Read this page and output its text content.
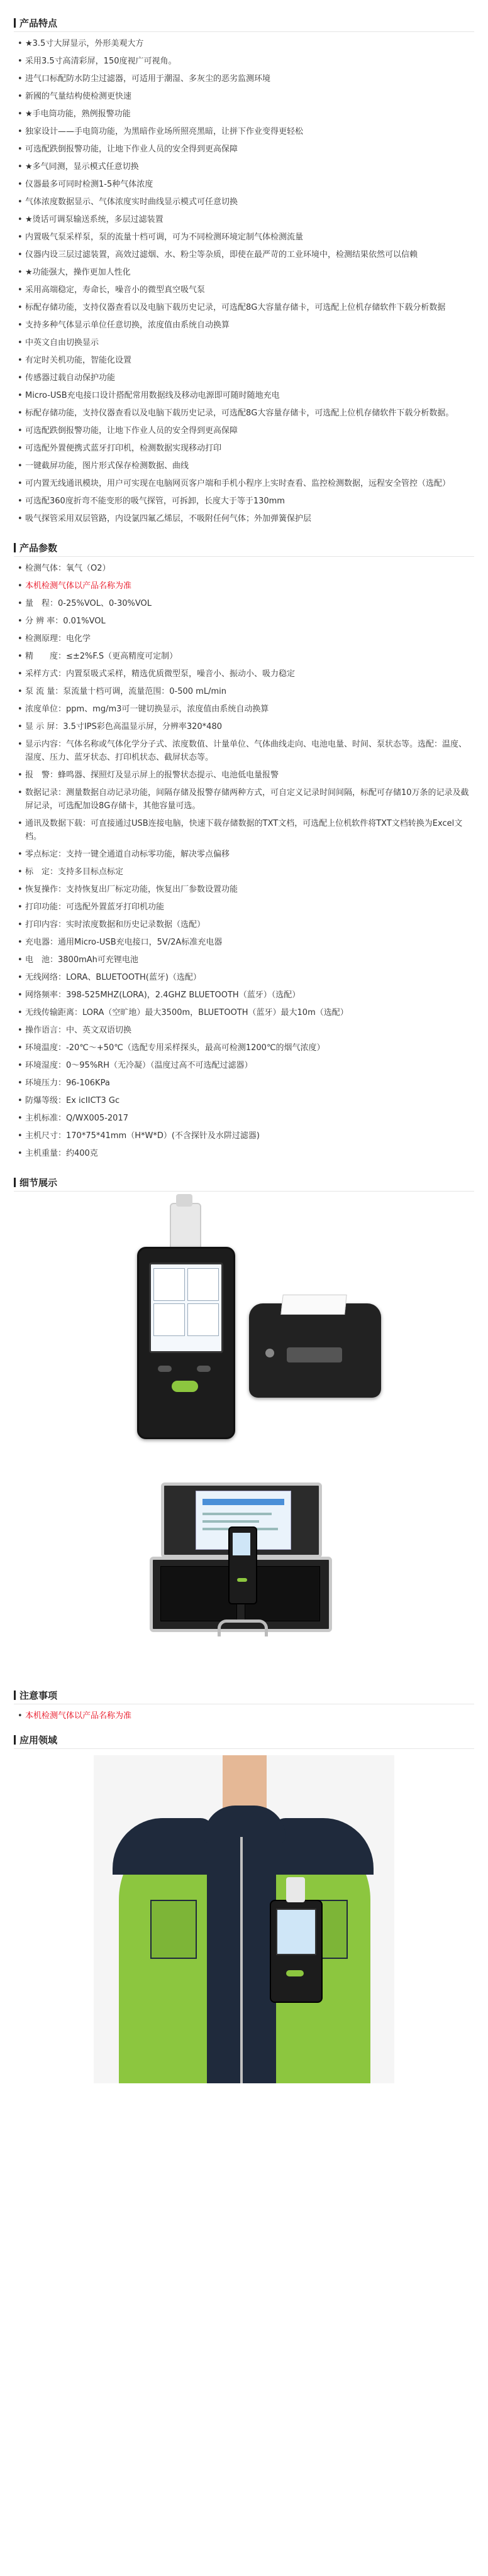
产品特点
• ★3.5寸大屏显示，外形美观大方
• 采用3.5寸高清彩屏，150度视广可视角。
• 进气口标配防水防尘过滤器，可适用于潮湿、多灰尘的恶劣监测环境
• 新國的气量结构使检测更快速
• ★手电筒功能，熟例报警功能
• 独家设计——手电筒功能，为黑暗作业场所照亮黑暗，让拼下作业变得更轻松
• 可选配跌倒报警功能，让地下作业人员的安全得到更高保障
• ★多气同测，显示模式任意切换
• 仪器最多可同时检测1-5种气体浓度
• 气体浓度数据显示、气体浓度实时曲线显示模式可任意切换
• ★烫话可调泵输送系统，多层过滤装置
• 内置吸气泵采样泵，泵的流量十档可调，可为不同检测环境定制气体检测流量
• 仪器内设三层过滤装置，高效过滤烟、水、粉尘等杂质，即使在最严苛的工业环境中，检测结果依然可以信赖
• ★功能强大，操作更加人性化
• 采用高端稳定，寿命长，噪音小的微型真空吸气泵
• 标配存储功能，支持仪器查看以及电脑下载历史记录，可选配8G大容量存储卡，可选配上位机存储软件下载分析数据
• 支持多种气体显示单位任意切换，浓度值由系统自动换算
• 中英文自由切换显示
• 有定时关机功能，智能化设置
• 传感器过载自动保护功能
• Micro-USB充电接口设计搭配常用数据线及移动电源即可随时随地充电
• 标配存储功能，支持仪器查看以及电脑下载历史记录，可选配8G大容量存储卡，可选配上位机存储软件下载分析数据。
• 可选配跌倒报警功能，让地下作业人员的安全得到更高保障
• 可选配外置便携式蓝牙打印机，检测数据实现移动打印
• 一键截屏功能，图片形式保存检测数据、曲线
• 可内置无线通讯模块，用户可实现在电脑网页客户端和手机小程序上实时查看、监控检测数据，远程安全管控（选配）
• 可选配360度折弯不能变形的吸气探管，可拆卸，长度大于等于130mm
• 吸气探管采用双层管路，内设氯四氟乙烯层，不吸附任何气体；外加弹簧保护层
产品参数
• 检测气体：氧气（O2）
• 本机检测气体以产品名称为准
• 量　程：0-25%VOL、0-30%VOL
• 分 辨 率：0.01%VOL
• 检测原理：电化学
• 精　　度：≤±2%F.S（更高精度可定制）
• 采样方式：内置泵吸式采样，精选优质微型泵，噪音小、振动小、吸力稳定
• 泵 流 量：泵流量十档可调，流量范围：0-500 mL/min
• 浓度单位：ppm、mg/m3可一键切换显示，浓度值由系统自动换算
• 显 示 屏：3.5寸IPS彩色高温显示屏，分辨率320*480
• 显示内容：气体名称或气体化学分子式、浓度数值、计量单位、气体曲线走向、电池电量、时间、泵状态等。选配：温度、湿度、压力、蓝牙状态、打印机状态、截屏状态等。
• 报　警：蜂鸣器、探照灯及显示屏上的报警状态提示、电池低电量报警
• 数据记录：测量数据自动记录功能，间隔存储及报警存储两种方式，可自定义记录时间间隔，标配可存储10万条的记录及截屏记录，可选配加设8G存储卡，其他容量可选。
• 通讯及数据下载：可直接通过USB连接电脑，快速下载存储数据的TXT文档，可选配上位机软件将TXT文档转换为Excel文档。
• 零点标定：支持一键全通道自动标零功能，解决零点偏移
• 标　定：支持多目标点标定
• 恢复操作：支持恢复出厂标定功能，恢复出厂参数设置功能
• 打印功能：可选配外置蓝牙打印机功能
• 打印内容：实时浓度数据和历史记录数据（选配）
• 充电器：通用Micro-USB充电接口，5V/2A标准充电器
• 电　池：3800mAh可充锂电池
• 无线网络：LORA、BLUETOOTH(蓝牙)（选配）
• 网络频率：398-525MHZ(LORA)，2.4GHZ BLUETOOTH（蓝牙）（选配）
• 无线传输距离：LORA（空旷地）最大3500m，BLUETOOTH（蓝牙）最大10m（选配）
• 操作语言：中、英文双语切换
• 环境温度：-20℃～+50℃（选配专用采样探头，最高可检测1200℃的烟气浓度）
• 环境湿度：0～95%RH（无冷凝）（温度过高不可选配过滤器）
• 环境压力：96-106KPa
• 防爆等级：Ex icIICT3 Gc
• 主机标准：Q/WX005-2017
• 主机尺寸：170*75*41mm（H*W*D）(不含探针及水阱过滤器)
• 主机重量：约400克
细节展示
注意事项
• 本机检测气体以产品名称为准
应用领域
